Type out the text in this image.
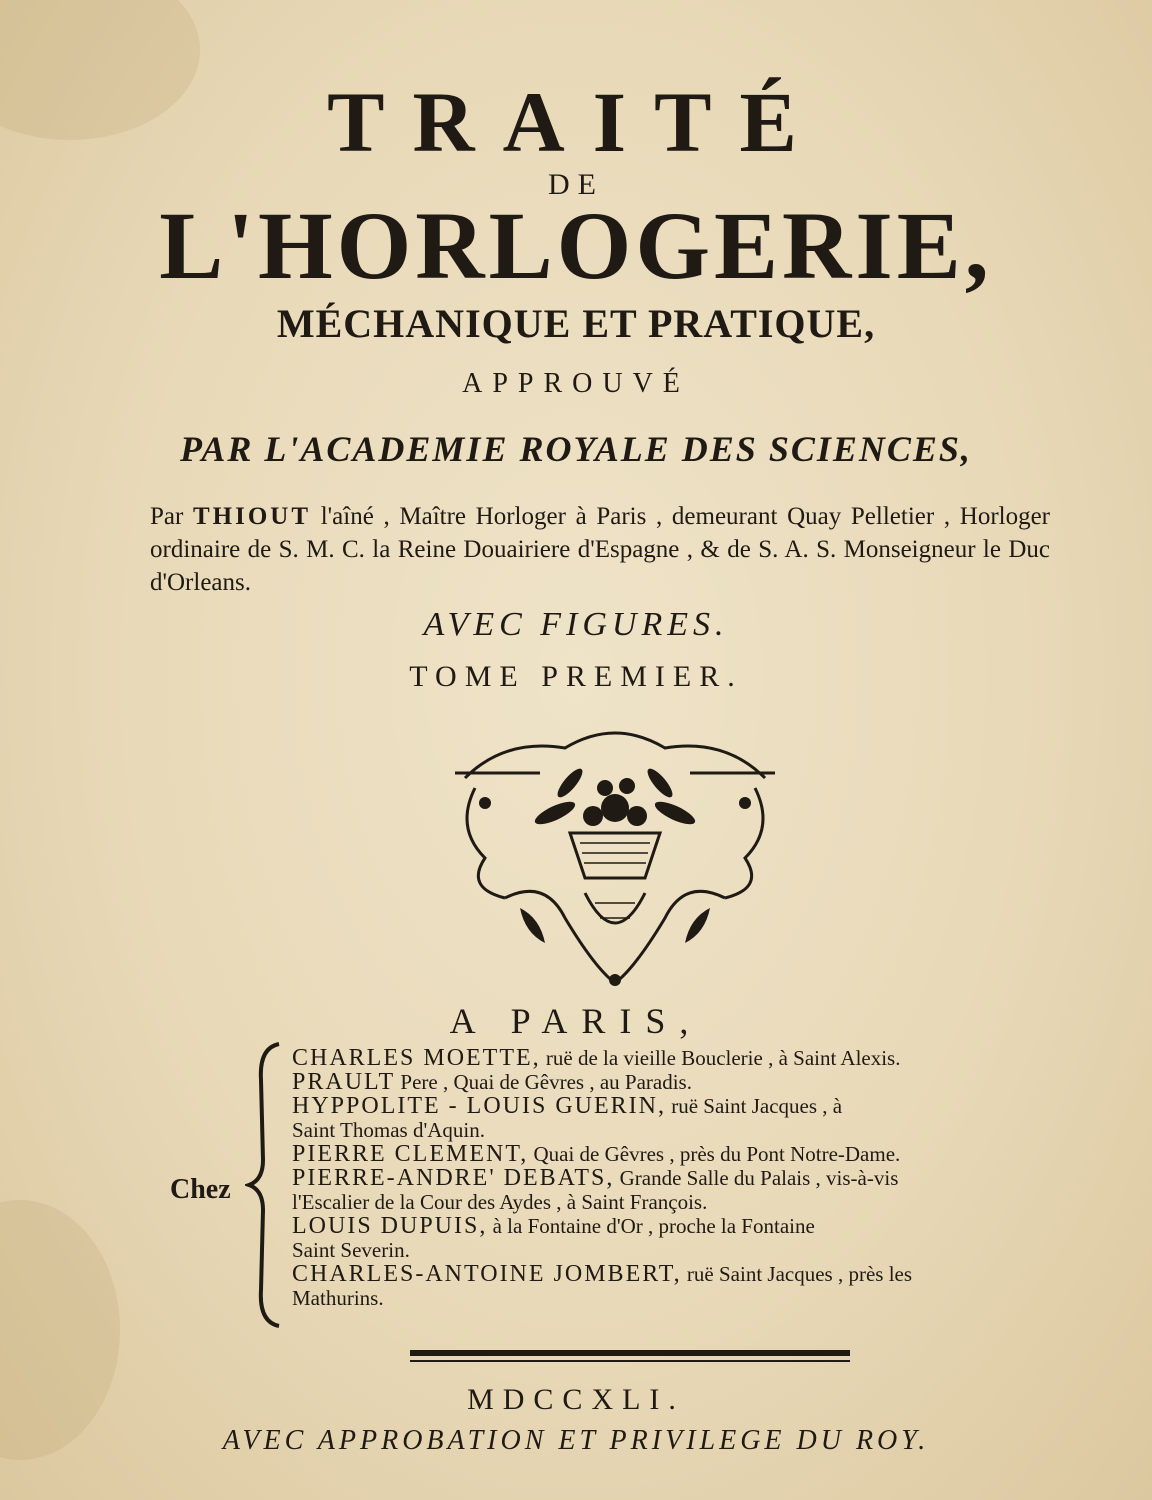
TRAITÉ
DE
L'HORLOGERIE,
MÉCHANIQUE ET PRATIQUE,
APPROUVÉ
PAR L'ACADEMIE ROYALE DES SCIENCES,
Par THIOUT l'aîné , Maître Horloger à Paris , demeurant Quay Pelletier , Horloger ordinaire de S. M. C. la Reine Douairiere d'Espagne , & de S. A. S. Monseigneur le Duc d'Orleans.
AVEC FIGURES.
TOME PREMIER.
A PARIS,
Chez
CHARLES MOETTE, ruë de la vieille Bouclerie , à Saint Alexis.
PRAULT Pere , Quai de Gêvres , au Paradis.
HYPPOLITE - LOUIS GUERIN, ruë Saint Jacques , à
Saint Thomas d'Aquin.
PIERRE CLEMENT, Quai de Gêvres , près du Pont Notre-Dame.
PIERRE-ANDRE' DEBATS, Grande Salle du Palais , vis-à-vis
l'Escalier de la Cour des Aydes , à Saint François.
LOUIS DUPUIS, à la Fontaine d'Or , proche la Fontaine
Saint Severin.
CHARLES-ANTOINE JOMBERT, ruë Saint Jacques , près les
Mathurins.
MDCCXLI.
AVEC APPROBATION ET PRIVILEGE DU ROY.
